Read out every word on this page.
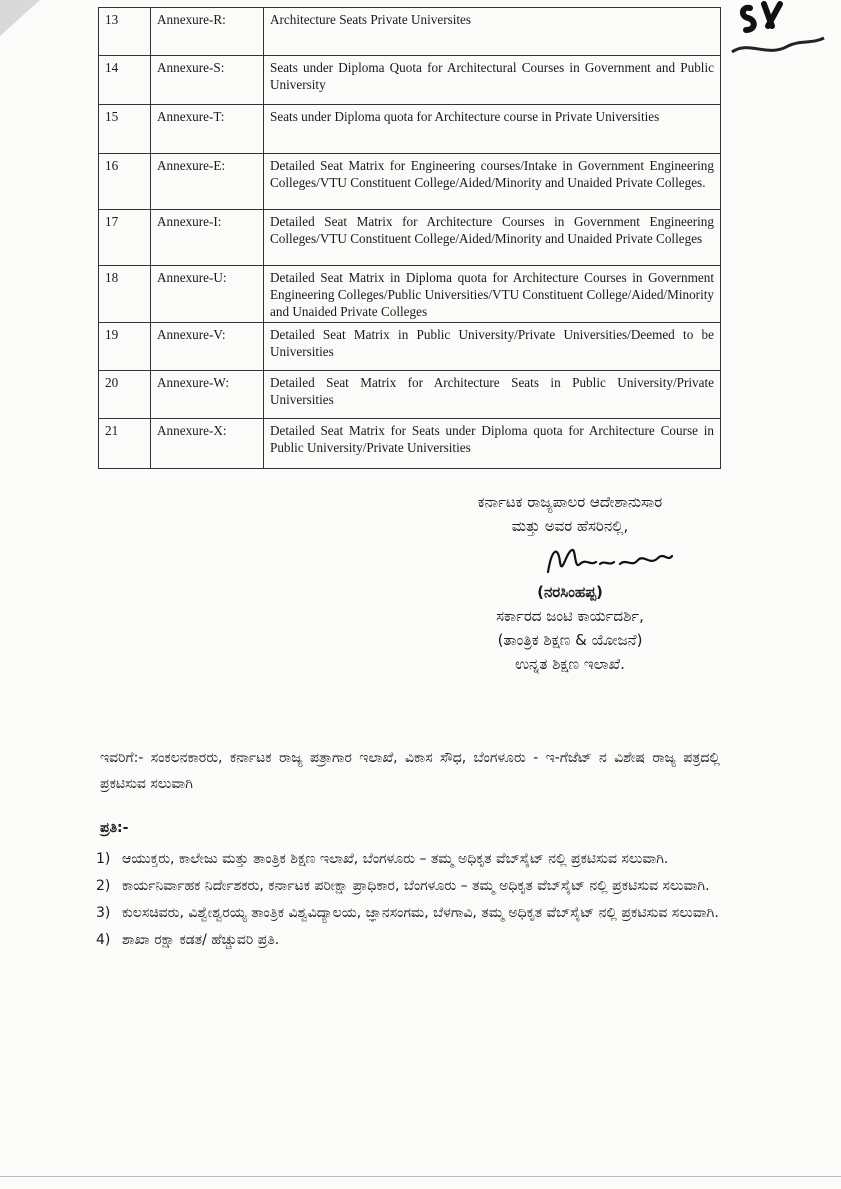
13	Annexure-R:	Architecture Seats Private Universites
14	Annexure-S:	Seats under Diploma Quota for Architectural Courses in Government and Public University
15	Annexure-T:	Seats under Diploma quota for Architecture course in Private Universities
16	Annexure-E:	Detailed Seat Matrix for Engineering courses/Intake in Government Engineering Colleges/VTU Constituent College/Aided/Minority and Unaided Private Colleges.
17	Annexure-I:	Detailed Seat Matrix for Architecture Courses in Government Engineering Colleges/VTU Constituent College/Aided/Minority and Unaided Private Colleges
18	Annexure-U:	Detailed Seat Matrix in Diploma quota for Architecture Courses in Government Engineering Colleges/Public Universities/VTU Constituent College/Aided/Minority and Unaided Private Colleges
19	Annexure-V:	Detailed Seat Matrix in Public University/Private Universities/Deemed to be Universities
20	Annexure-W:	Detailed Seat Matrix for Architecture Seats in Public University/Private Universities
21	Annexure-X:	Detailed Seat Matrix for Seats under Diploma quota for Architecture Course in Public University/Private Universities
ಕರ್ನಾಟಕ ರಾಜ್ಯಪಾಲರ ಆದೇಶಾನುಸಾರ
ಮತ್ತು ಅವರ ಹೆಸರಿನಲ್ಲಿ,
(ನರಸಿಂಹಪ್ಪ)
ಸರ್ಕಾರದ ಜಂಟಿ ಕಾರ್ಯದರ್ಶಿ,
(ತಾಂತ್ರಿಕ ಶಿಕ್ಷಣ & ಯೋಜನೆ)
ಉನ್ನತ ಶಿಕ್ಷಣ ಇಲಾಖೆ.
ಇವರಿಗೆ:- ಸಂಕಲನಕಾರರು, ಕರ್ನಾಟಕ ರಾಜ್ಯ ಪತ್ರಾಗಾರ ಇಲಾಖೆ, ವಿಕಾಸ ಸೌಧ, ಬೆಂಗಳೂರು - ಇ-ಗೆಜೆಟ್ ನ ವಿಶೇಷ ರಾಜ್ಯ ಪತ್ರದಲ್ಲಿ ಪ್ರಕಟಿಸುವ ಸಲುವಾಗಿ
ಪ್ರತಿ:-
1) ಆಯುಕ್ತರು, ಕಾಲೇಜು ಮತ್ತು ತಾಂತ್ರಿಕ ಶಿಕ್ಷಣ ಇಲಾಖೆ, ಬೆಂಗಳೂರು – ತಮ್ಮ ಅಧಿಕೃತ ವೆಬ್‌ಸೈಟ್ ನಲ್ಲಿ ಪ್ರಕಟಿಸುವ ಸಲುವಾಗಿ.
2) ಕಾರ್ಯನಿರ್ವಾಹಕ ನಿರ್ದೇಶಕರು, ಕರ್ನಾಟಕ ಪರೀಕ್ಷಾ ಪ್ರಾಧಿಕಾರ, ಬೆಂಗಳೂರು – ತಮ್ಮ ಅಧಿಕೃತ ವೆಬ್‌ಸೈಟ್ ನಲ್ಲಿ ಪ್ರಕಟಿಸುವ ಸಲುವಾಗಿ.
3) ಕುಲಸಚಿವರು, ವಿಶ್ವೇಶ್ವರಯ್ಯ ತಾಂತ್ರಿಕ ವಿಶ್ವವಿದ್ಯಾಲಯ, ಜ್ಞಾನಸಂಗಮ, ಬೆಳಗಾವಿ, ತಮ್ಮ ಅಧಿಕೃತ ವೆಬ್‌ಸೈಟ್ ನಲ್ಲಿ ಪ್ರಕಟಿಸುವ ಸಲುವಾಗಿ.
4) ಶಾಖಾ ರಕ್ಷಾ ಕಡತ/ ಹೆಚ್ಚುವರಿ ಪ್ರತಿ.
